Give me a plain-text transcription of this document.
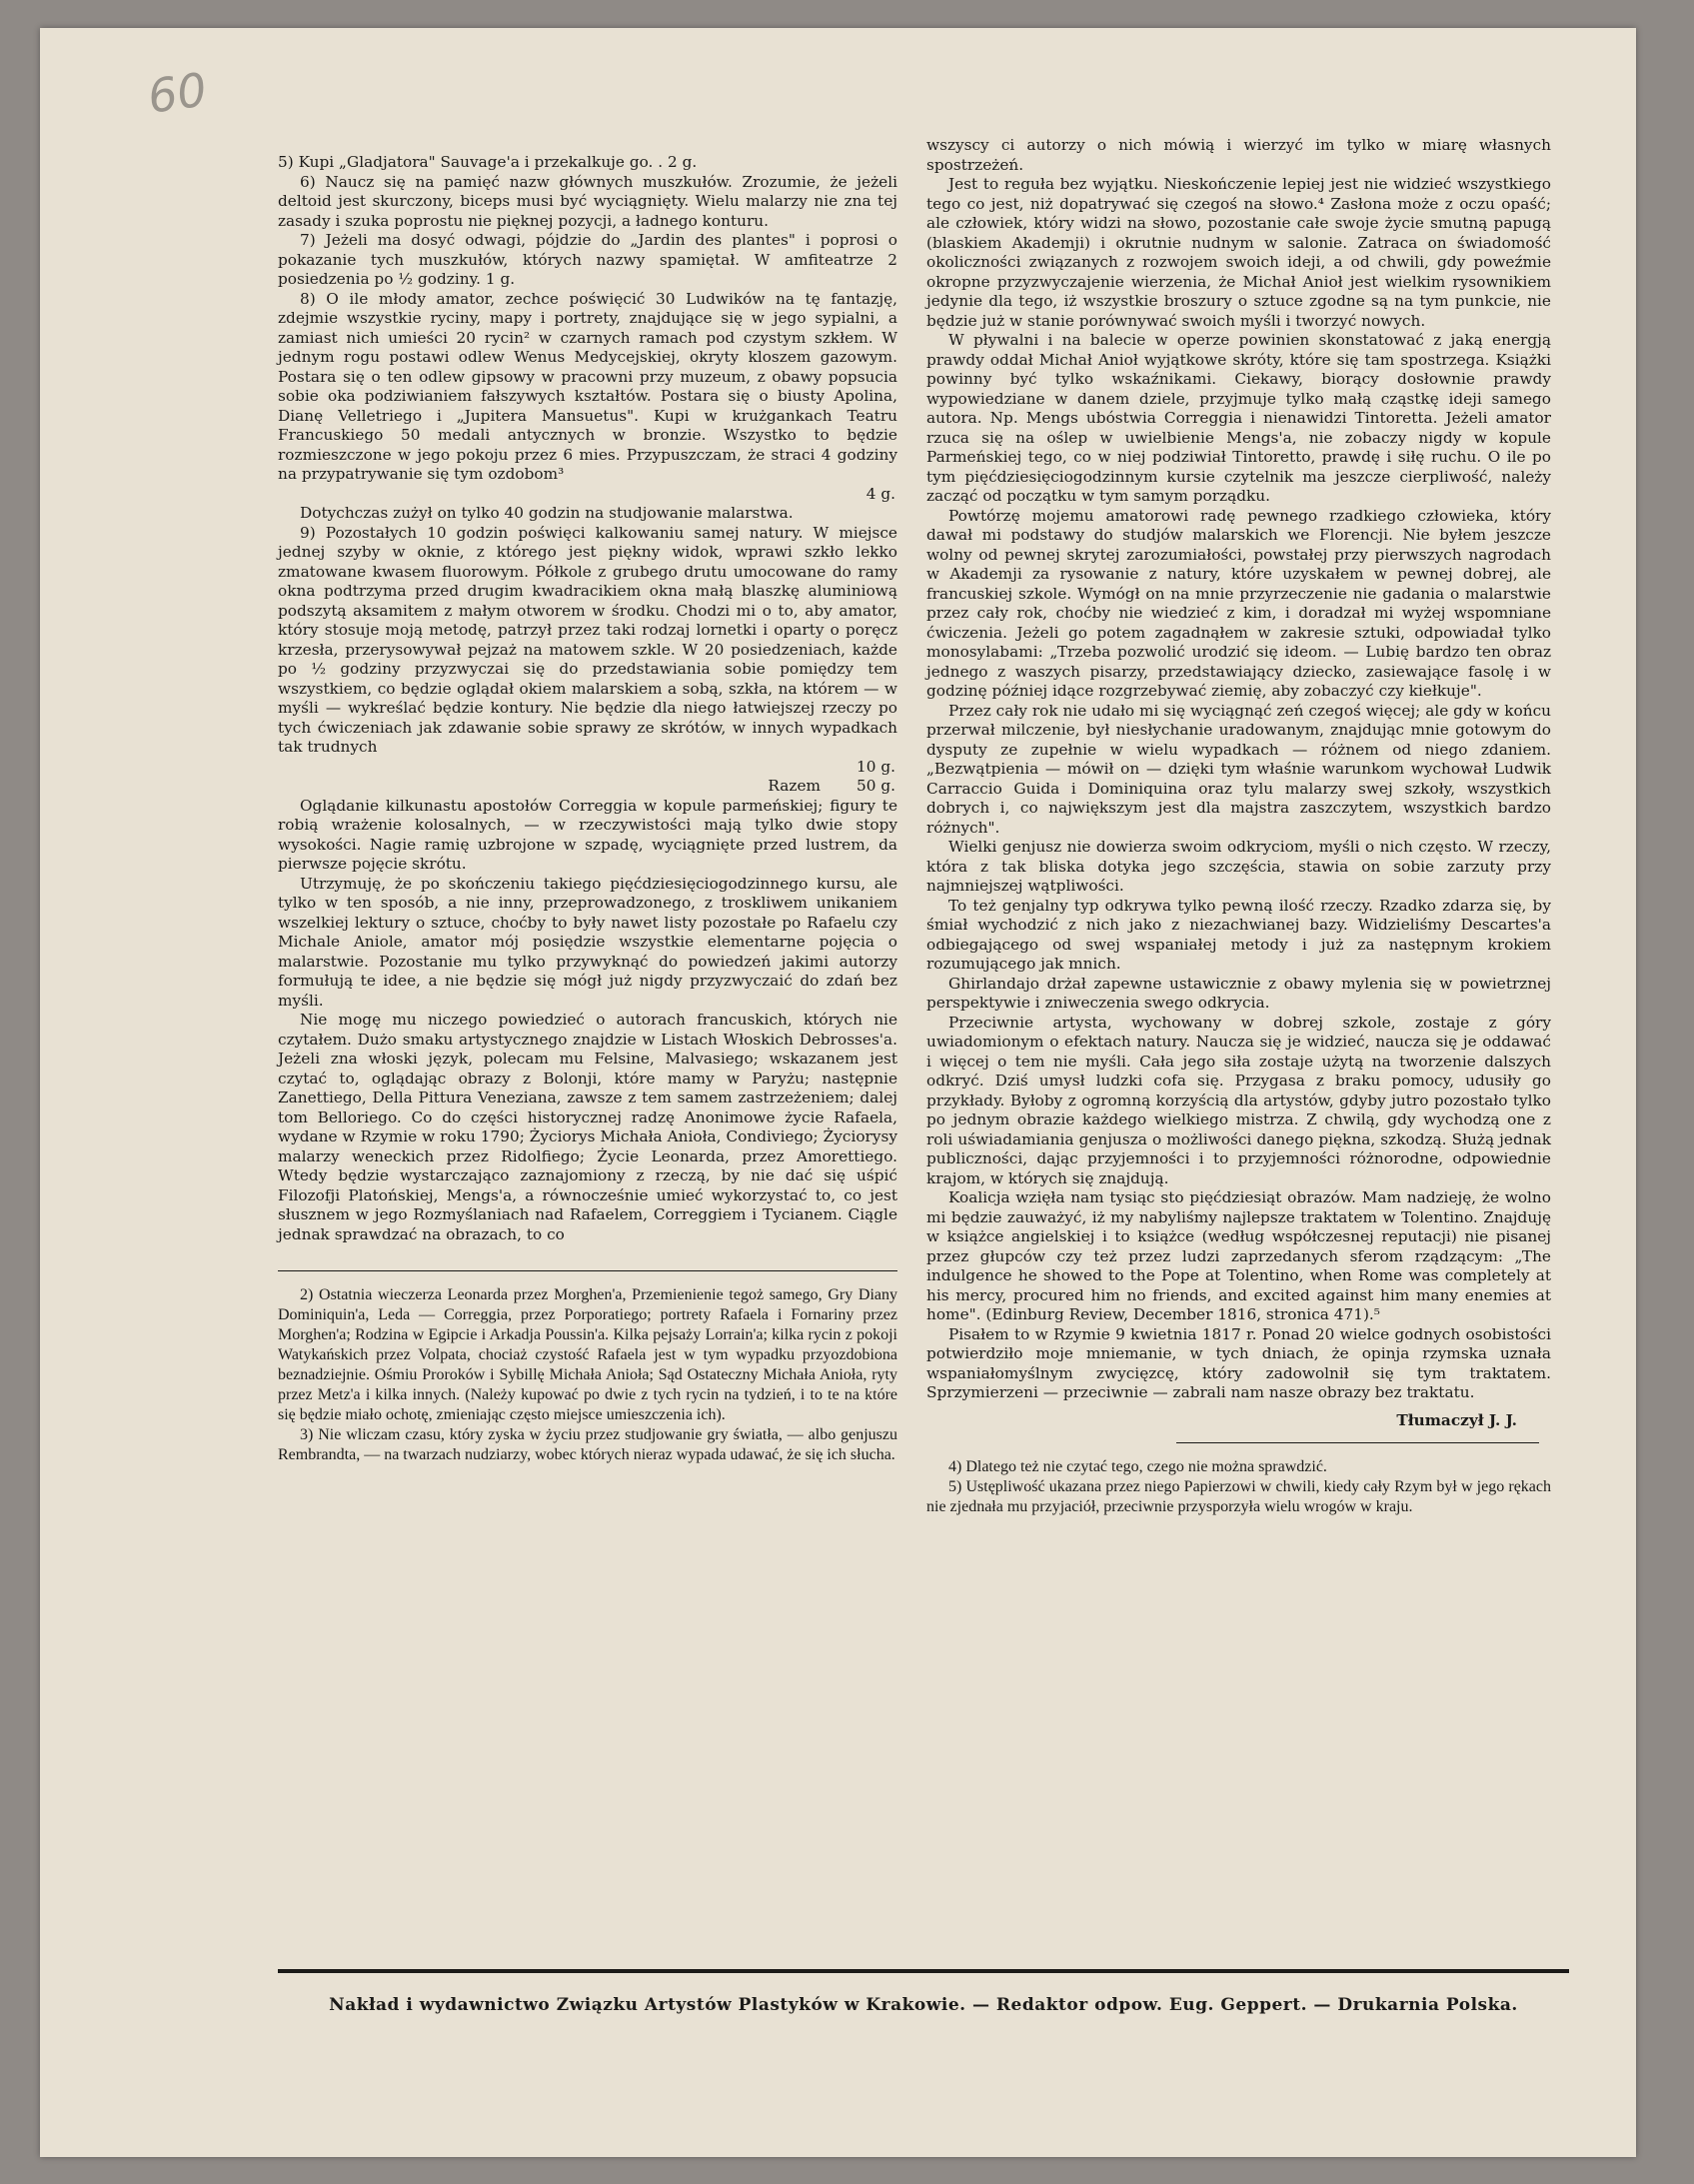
60
5) Kupi „Gladjatora" Sauvage'a i przekalkuje go. . 2 g.

6) Naucz się na pamięć nazw głównych muszkułów. Zrozumie, że jeżeli deltoid jest skurczony, biceps musi być wyciągnięty. Wielu malarzy nie zna tej zasady i szuka poprostu nie pięknej pozycji, a ładnego konturu.

7) Jeżeli ma dosyć odwagi, pójdzie do „Jardin des plantes" i poprosi o pokazanie tych muszkułów, których nazwy spamiętał. W amfiteatrze 2 posiedzenia po ½ godziny. 1 g.

8) O ile młody amator, zechce poświęcić 30 Ludwików na tę fantazję, zdejmie wszystkie ryciny, mapy i portrety, znajdujące się w jego sypialni, a zamiast nich umieści 20 rycin² w czarnych ramach pod czystym szkłem. W jednym rogu postawi odlew Wenus Medycejskiej, okryty kloszem gazowym. Postara się o ten odlew gipsowy w pracowni przy muzeum, z obawy popsucia sobie oka podziwianiem fałszywych kształtów. Postara się o biusty Apolina, Dianę Velletriego i „Jupitera Mansuetus". Kupi w krużgankach Teatru Francuskiego 50 medali antycznych w bronzie. Wszystko to będzie rozmieszczone w jego pokoju przez 6 mies. Przypuszczam, że straci 4 godziny na przypatrywanie się tym ozdobom³

4 g.

Dotychczas zużył on tylko 40 godzin na studjowanie malarstwa.

9) Pozostałych 10 godzin poświęci kalkowaniu samej natury. W miejsce jednej szyby w oknie, z którego jest piękny widok, wprawi szkło lekko zmatowane kwasem fluorowym. Półkole z grubego drutu umocowane do ramy okna podtrzyma przed drugim kwadracikiem okna małą blaszkę aluminiową podszytą aksamitem z małym otworem w środku. Chodzi mi o to, aby amator, który stosuje moją metodę, patrzył przez taki rodzaj lornetki i oparty o poręcz krzesła, przerysowywał pejzaż na matowem szkle. W 20 posiedzeniach, każde po ½ godziny przyzwyczai się do przedstawiania sobie pomiędzy tem wszystkiem, co będzie oglądał okiem malarskiem a sobą, szkła, na którem — w myśli — wykreślać będzie kontury. Nie będzie dla niego łatwiejszej rzeczy po tych ćwiczeniach jak zdawanie sobie sprawy ze skrótów, w innych wypadkach tak trudnych

10 g.
Razem 50 g.

Oglądanie kilkunastu apostołów Correggia w kopule parmeńskiej; figury te robią wrażenie kolosalnych, — w rzeczywistości mają tylko dwie stopy wysokości. Nagie ramię uzbrojone w szpadę, wyciągnięte przed lustrem, da pierwsze pojęcie skrótu.

Utrzymuję, że po skończeniu takiego pięćdziesięciogodzinnego kursu, ale tylko w ten sposób, a nie inny, przeprowadzonego, z troskliwem unikaniem wszelkiej lektury o sztuce, choćby to były nawet listy pozostałe po Rafaelu czy Michale Aniole, amator mój posiędzie wszystkie elementarne pojęcia o malarstwie. Pozostanie mu tylko przywyknąć do powiedzeń jakimi autorzy formułują te idee, a nie będzie się mógł już nigdy przyzwyczaić do zdań bez myśli.

Nie mogę mu niczego powiedzieć o autorach francuskich, których nie czytałem. Dużo smaku artystycznego znajdzie w Listach Włoskich Debrosses'a. Jeżeli zna włoski język, polecam mu Felsine, Malvasiego; wskazanem jest czytać to, oglądając obrazy z Bolonji, które mamy w Paryżu; następnie Zanettiego, Della Pittura Veneziana, zawsze z tem samem zastrzeżeniem; dalej tom Belloriego. Co do części historycznej radzę Anonimowe życie Rafaela, wydane w Rzymie w roku 1790; Życiorys Michała Anioła, Condiviego; Życiorysy malarzy weneckich przez Ridolfiego; Życie Leonarda, przez Amorettiego. Wtedy będzie wystarczająco zaznajomiony z rzeczą, by nie dać się uśpić Filozofji Platońskiej, Mengs'a, a równocześnie umieć wykorzystać to, co jest słusznem w jego Rozmyślaniach nad Rafaelem, Correggiem i Tycianem. Ciągle jednak sprawdzać na obrazach, to co

2) Ostatnia wieczerza Leonarda przez Morghen'a, Przemienienie tegoż samego, Gry Diany Dominiquin'a, Leda — Correggia, przez Porporatiego; portrety Rafaela i Fornariny przez Morghen'a; Rodzina w Egipcie i Arkadja Poussin'a. Kilka pejsaży Lorrain'a; kilka rycin z pokoji Watykańskich przez Volpata, chociaż czystość Rafaela jest w tym wypadku przyozdobiona beznadziejnie. Ośmiu Proroków i Sybillę Michała Anioła; Sąd Ostateczny Michała Anioła, ryty przez Metz'a i kilka innych. (Należy kupować po dwie z tych rycin na tydzień, i to te na które się będzie miało ochotę, zmieniając często miejsce umieszczenia ich).

3) Nie wliczam czasu, który zyska w życiu przez studjowanie gry światła, — albo genjuszu Rembrandta, — na twarzach nudziarzy, wobec których nieraz wypada udawać, że się ich słucha.

wszyscy ci autorzy o nich mówią i wierzyć im tylko w miarę własnych spostrzeżeń.

Jest to reguła bez wyjątku. Nieskończenie lepiej jest nie widzieć wszystkiego tego co jest, niż dopatrywać się czegoś na słowo.⁴ Zasłona może z oczu opaść; ale człowiek, który widzi na słowo, pozostanie całe swoje życie smutną papugą (blaskiem Akademji) i okrutnie nudnym w salonie. Zatraca on świadomość okoliczności związanych z rozwojem swoich ideji, a od chwili, gdy poweźmie okropne przyzwyczajenie wierzenia, że Michał Anioł jest wielkim rysownikiem jedynie dla tego, iż wszystkie broszury o sztuce zgodne są na tym punkcie, nie będzie już w stanie porównywać swoich myśli i tworzyć nowych.

W pływalni i na balecie w operze powinien skonstatować z jaką energją prawdy oddał Michał Anioł wyjątkowe skróty, które się tam spostrzega. Książki powinny być tylko wskaźnikami. Ciekawy, biorący dosłownie prawdy wypowiedziane w danem dziele, przyjmuje tylko małą cząstkę ideji samego autora. Np. Mengs ubóstwia Correggia i nienawidzi Tintoretta. Jeżeli amator rzuca się na oślep w uwielbienie Mengs'a, nie zobaczy nigdy w kopule Parmeńskiej tego, co w niej podziwiał Tintoretto, prawdę i siłę ruchu. O ile po tym pięćdziesięciogodzinnym kursie czytelnik ma jeszcze cierpliwość, należy zacząć od początku w tym samym porządku.

Powtórzę mojemu amatorowi radę pewnego rzadkiego człowieka, który dawał mi podstawy do studjów malarskich we Florencji. Nie byłem jeszcze wolny od pewnej skrytej zarozumiałości, powstałej przy pierwszych nagrodach w Akademji za rysowanie z natury, które uzyskałem w pewnej dobrej, ale francuskiej szkole. Wymógł on na mnie przyrzeczenie nie gadania o malarstwie przez cały rok, choćby nie wiedzieć z kim, i doradzał mi wyżej wspomniane ćwiczenia. Jeżeli go potem zagadnąłem w zakresie sztuki, odpowiadał tylko monosylabami: „Trzeba pozwolić urodzić się ideom. — Lubię bardzo ten obraz jednego z waszych pisarzy, przedstawiający dziecko, zasiewające fasolę i w godzinę później idące rozgrzebywać ziemię, aby zobaczyć czy kiełkuje".

Przez cały rok nie udało mi się wyciągnąć zeń czegoś więcej; ale gdy w końcu przerwał milczenie, był niesłychanie uradowanym, znajdując mnie gotowym do dysputy ze zupełnie w wielu wypadkach — różnem od niego zdaniem. „Bezwątpienia — mówił on — dzięki tym właśnie warunkom wychował Ludwik Carraccio Guida i Dominiquina oraz tylu malarzy swej szkoły, wszystkich dobrych i, co największym jest dla majstra zaszczytem, wszystkich bardzo różnych".

Wielki genjusz nie dowierza swoim odkryciom, myśli o nich często. W rzeczy, która z tak bliska dotyka jego szczęścia, stawia on sobie zarzuty przy najmniejszej wątpliwości.

To też genjalny typ odkrywa tylko pewną ilość rzeczy. Rzadko zdarza się, by śmiał wychodzić z nich jako z niezachwianej bazy. Widzieliśmy Descartes'a odbiegającego od swej wspaniałej metody i już za następnym krokiem rozumującego jak mnich.

Ghirlandajo drżał zapewne ustawicznie z obawy mylenia się w powietrznej perspektywie i zniweczenia swego odkrycia.

Przeciwnie artysta, wychowany w dobrej szkole, zostaje z góry uwiadomionym o efektach natury. Naucza się je widzieć, naucza się je oddawać i więcej o tem nie myśli. Cała jego siła zostaje użytą na tworzenie dalszych odkryć. Dziś umysł ludzki cofa się. Przygasa z braku pomocy, udusiły go przykłady. Byłoby z ogromną korzyścią dla artystów, gdyby jutro pozostało tylko po jednym obrazie każdego wielkiego mistrza. Z chwilą, gdy wychodzą one z roli uświadamiania genjusza o możliwości danego piękna, szkodzą. Służą jednak publiczności, dając przyjemności i to przyjemności różnorodne, odpowiednie krajom, w których się znajdują.

Koalicja wzięła nam tysiąc sto pięćdziesiąt obrazów. Mam nadzieję, że wolno mi będzie zauważyć, iż my nabyliśmy najlepsze traktatem w Tolentino. Znajduję w książce angielskiej i to książce (według współczesnej reputacji) nie pisanej przez głupców czy też przez ludzi zaprzedanych sferom rządzącym: „The indulgence he showed to the Pope at Tolentino, when Rome was completely at his mercy, procured him no friends, and excited against him many enemies at home". (Edinburg Review, December 1816, stronica 471).⁵

Pisałem to w Rzymie 9 kwietnia 1817 r. Ponad 20 wielce godnych osobistości potwierdziło moje mniemanie, w tych dniach, że opinja rzymska uznała wspaniałomyślnym zwycięzcę, który zadowolnił się tym traktatem. Sprzymierzeni — przeciwnie — zabrali nam nasze obrazy bez traktatu.

Tłumaczył J. J.

4) Dlatego też nie czytać tego, czego nie można sprawdzić.

5) Ustępliwość ukazana przez niego Papierzowi w chwili, kiedy cały Rzym był w jego rękach nie zjednała mu przyjaciół, przeciwnie przysporzyła wielu wrogów w kraju.

Nakład i wydawnictwo Związku Artystów Plastyków w Krakowie. — Redaktor odpow. Eug. Geppert. — Drukarnia Polska.
